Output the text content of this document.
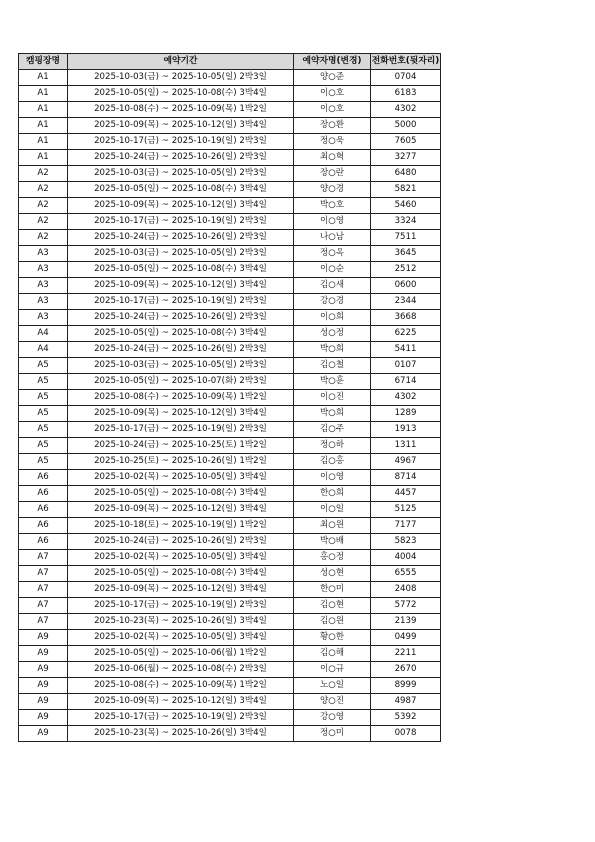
캠핑장명	예약기간	예약자명(변경)	전화번호(뒷자리)
A1	2025-10-03(금) ~ 2025-10-05(일) 2박3일	양○준	0704
A1	2025-10-05(일) ~ 2025-10-08(수) 3박4일	이○호	6183
A1	2025-10-08(수) ~ 2025-10-09(목) 1박2일	이○호	4302
A1	2025-10-09(목) ~ 2025-10-12(일) 3박4일	장○환	5000
A1	2025-10-17(금) ~ 2025-10-19(일) 2박3일	정○욱	7605
A1	2025-10-24(금) ~ 2025-10-26(일) 2박3일	최○혁	3277
A2	2025-10-03(금) ~ 2025-10-05(일) 2박3일	장○란	6480
A2	2025-10-05(일) ~ 2025-10-08(수) 3박4일	양○경	5821
A2	2025-10-09(목) ~ 2025-10-12(일) 3박4일	박○호	5460
A2	2025-10-17(금) ~ 2025-10-19(일) 2박3일	이○영	3324
A2	2025-10-24(금) ~ 2025-10-26(일) 2박3일	나○남	7511
A3	2025-10-03(금) ~ 2025-10-05(일) 2박3일	정○옥	3645
A3	2025-10-05(일) ~ 2025-10-08(수) 3박4일	이○순	2512
A3	2025-10-09(목) ~ 2025-10-12(일) 3박4일	김○새	0600
A3	2025-10-17(금) ~ 2025-10-19(일) 2박3일	강○경	2344
A3	2025-10-24(금) ~ 2025-10-26(일) 2박3일	이○희	3668
A4	2025-10-05(일) ~ 2025-10-08(수) 3박4일	성○정	6225
A4	2025-10-24(금) ~ 2025-10-26(일) 2박3일	박○희	5411
A5	2025-10-03(금) ~ 2025-10-05(일) 2박3일	김○철	0107
A5	2025-10-05(일) ~ 2025-10-07(화) 2박3일	박○훈	6714
A5	2025-10-08(수) ~ 2025-10-09(목) 1박2일	이○진	4302
A5	2025-10-09(목) ~ 2025-10-12(일) 3박4일	박○희	1289
A5	2025-10-17(금) ~ 2025-10-19(일) 2박3일	김○주	1913
A5	2025-10-24(금) ~ 2025-10-25(토) 1박2일	정○하	1311
A5	2025-10-25(토) ~ 2025-10-26(일) 1박2일	김○홍	4967
A6	2025-10-02(목) ~ 2025-10-05(일) 3박4일	이○영	8714
A6	2025-10-05(일) ~ 2025-10-08(수) 3박4일	한○희	4457
A6	2025-10-09(목) ~ 2025-10-12(일) 3박4일	이○일	5125
A6	2025-10-18(토) ~ 2025-10-19(일) 1박2일	최○원	7177
A6	2025-10-24(금) ~ 2025-10-26(일) 2박3일	박○배	5823
A7	2025-10-02(목) ~ 2025-10-05(일) 3박4일	홍○정	4004
A7	2025-10-05(일) ~ 2025-10-08(수) 3박4일	성○현	6555
A7	2025-10-09(목) ~ 2025-10-12(일) 3박4일	한○미	2408
A7	2025-10-17(금) ~ 2025-10-19(일) 2박3일	김○현	5772
A7	2025-10-23(목) ~ 2025-10-26(일) 3박4일	김○원	2139
A9	2025-10-02(목) ~ 2025-10-05(일) 3박4일	황○한	0499
A9	2025-10-05(일) ~ 2025-10-06(월) 1박2일	김○해	2211
A9	2025-10-06(월) ~ 2025-10-08(수) 2박3일	이○규	2670
A9	2025-10-08(수) ~ 2025-10-09(목) 1박2일	노○일	8999
A9	2025-10-09(목) ~ 2025-10-12(일) 3박4일	양○진	4987
A9	2025-10-17(금) ~ 2025-10-19(일) 2박3일	강○영	5392
A9	2025-10-23(목) ~ 2025-10-26(일) 3박4일	정○미	0078
